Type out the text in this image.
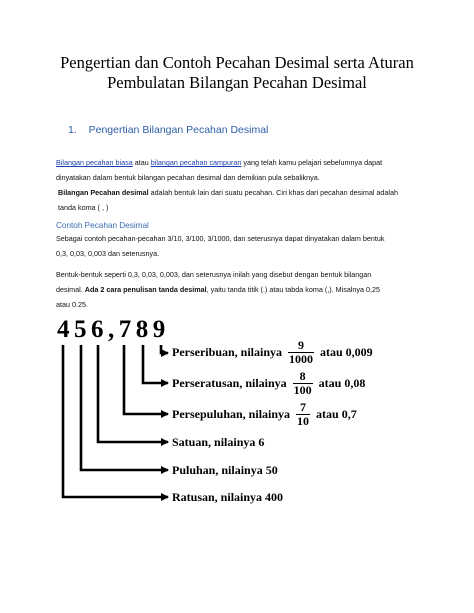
Pengertian dan Contoh Pecahan Desimal serta Aturan
Pembulatan Bilangan Pecahan Desimal
1. Pengertian Bilangan Pecahan Desimal
Bilangan pecahan biasa atau bilangan pecahan campuran yang telah kamu pelajari sebelumnya dapat
dinyatakan dalam bentuk bilangan pecahan desimal dan demikian pula sebaliknya.
Bilangan Pecahan desimal adalah bentuk lain dari suatu pecahan. Ciri khas dari pecahan desimal adalah
tanda koma ( , )
Contoh Pecahan Desimal
Sebagai contoh pecahan-pecahan 3/10, 3/100, 3/1000, dan seterusnya dapat dinyatakan dalam bentuk
0,3, 0,03, 0,003 dan seterusnya.
Bentuk-bentuk seperti 0,3, 0,03, 0,003, dan seterusnya inilah yang disebut dengan bentuk bilangan
desimal. Ada 2 cara penulisan tanda desimal, yaitu tanda titik (.) atau tabda koma (,). Misalnya 0,25
atau 0.25.
456,789
Perseribuan, nilainya $\frac{9}{1000}$ atau 0,009
Perseratusan, nilainya $\frac{8}{100}$ atau 0,08
Persepuluhan, nilainya $\frac{7}{10}$ atau 0,7
Satuan, nilainya 6
Puluhan, nilainya 50
Ratusan, nilainya 400
